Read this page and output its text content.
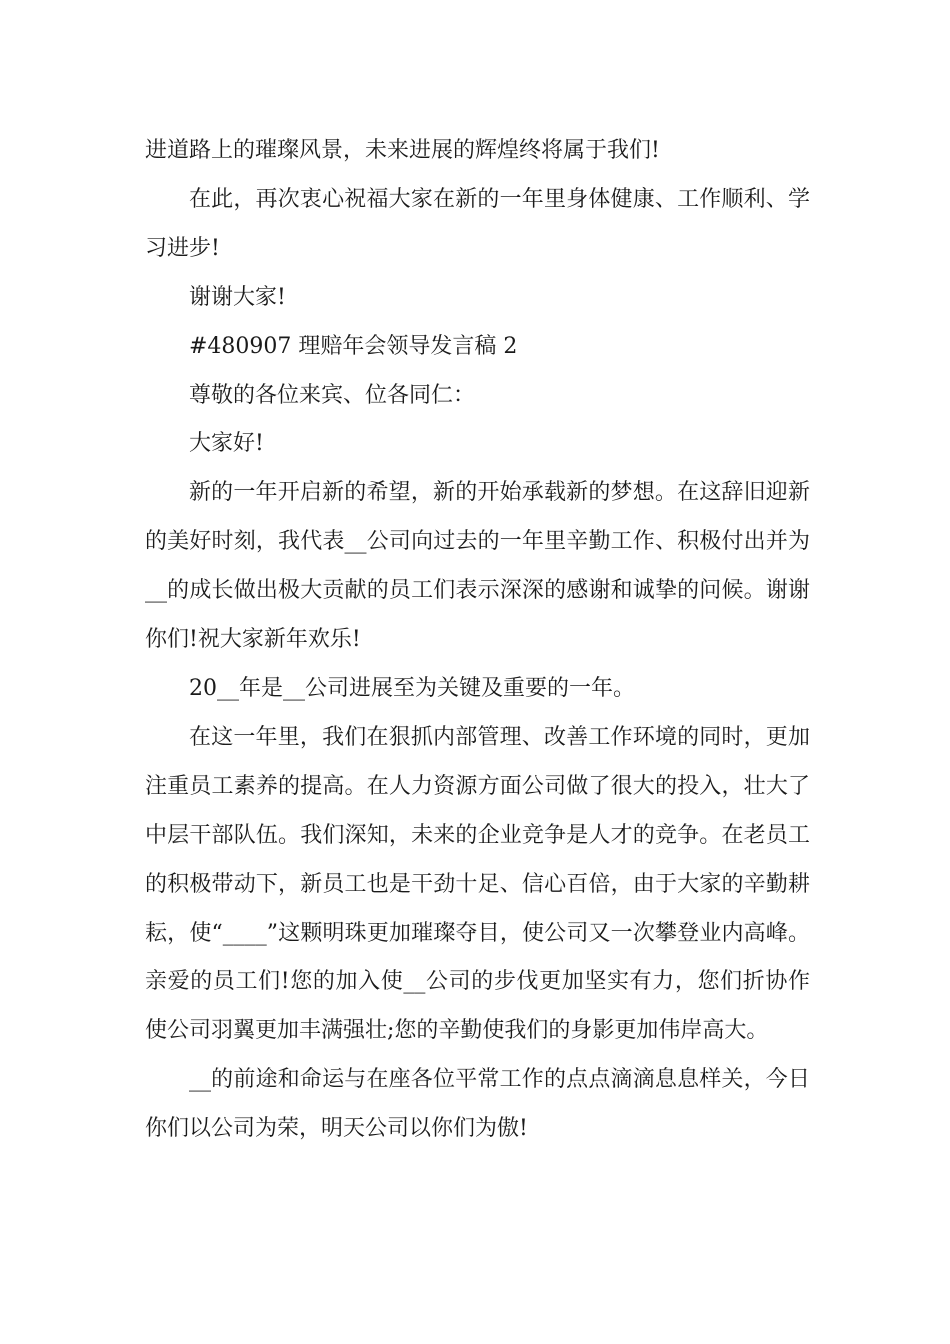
进道路上的璀璨风景，未来进展的辉煌终将属于我们!

在此，再次衷心祝福大家在新的一年里身体健康、工作顺利、学习进步!

谢谢大家!

#480907 理赔年会领导发言稿 2

尊敬的各位来宾、位各同仁：

大家好!

新的一年开启新的希望，新的开始承载新的梦想。在这辞旧迎新的美好时刻，我代表__公司向过去的一年里辛勤工作、积极付出并为__的成长做出极大贡献的员工们表示深深的感谢和诚挚的问候。谢谢你们!祝大家新年欢乐!

20__年是__公司进展至为关键及重要的一年。

在这一年里，我们在狠抓内部管理、改善工作环境的同时，更加注重员工素养的提高。在人力资源方面公司做了很大的投入，壮大了中层干部队伍。我们深知，未来的企业竞争是人才的竞争。在老员工的积极带动下，新员工也是干劲十足、信心百倍，由于大家的辛勤耕耘，使“____”这颗明珠更加璀璨夺目，使公司又一次攀登业内高峰。亲爱的员工们!您的加入使__公司的步伐更加坚实有力，您们折协作使公司羽翼更加丰满强壮;您的辛勤使我们的身影更加伟岸高大。

__的前途和命运与在座各位平常工作的点点滴滴息息样关，今日你们以公司为荣，明天公司以你们为傲!
